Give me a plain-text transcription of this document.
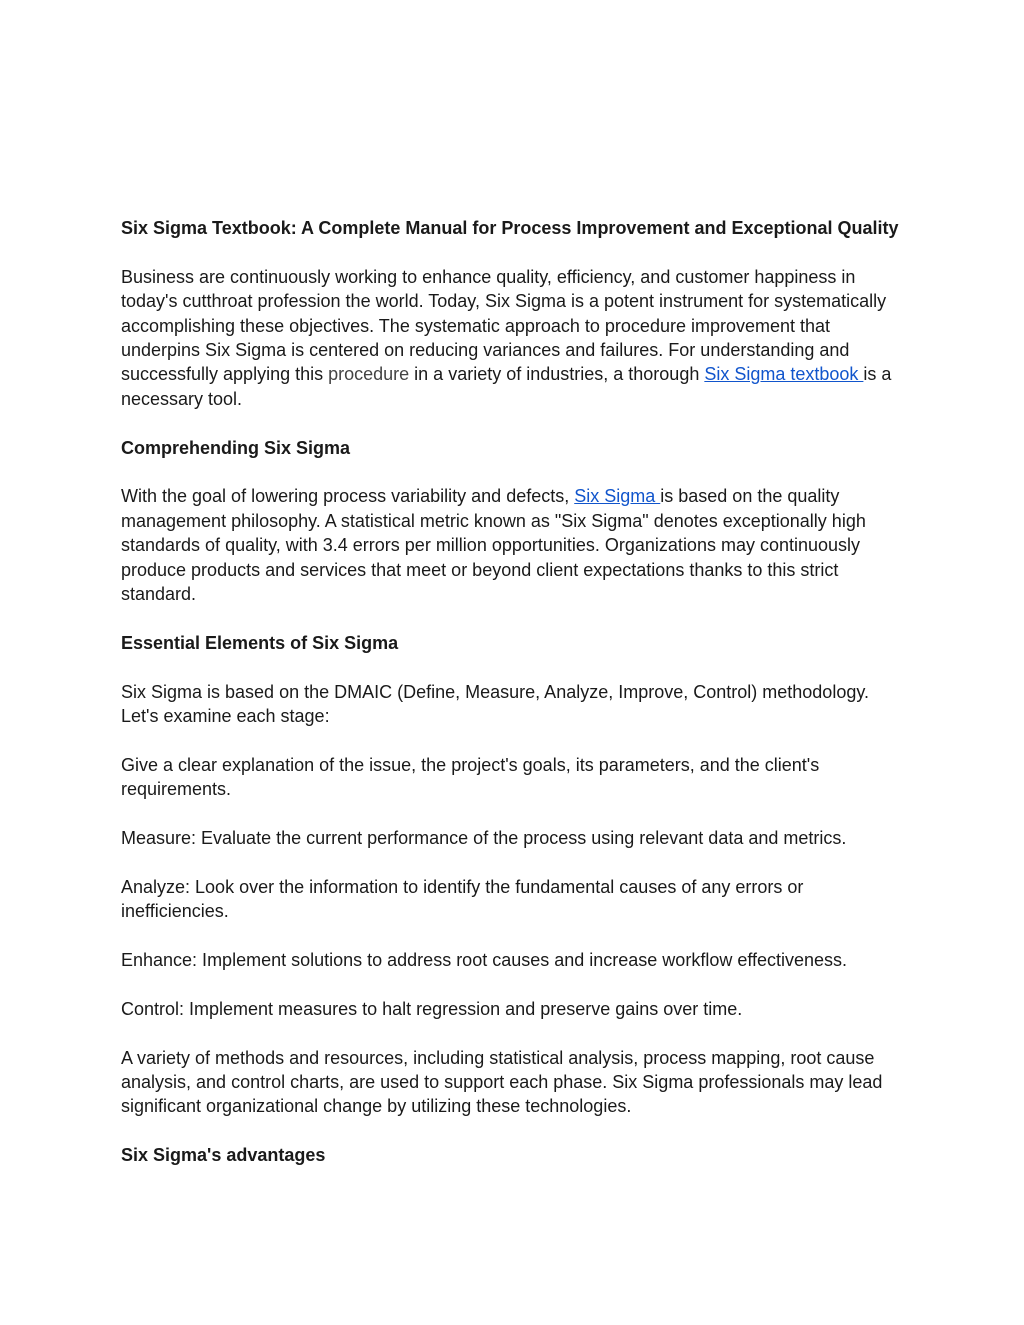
Six Sigma Textbook: A Complete Manual for Process Improvement and Exceptional Quality

Business are continuously working to enhance quality, efficiency, and customer happiness in today's cutthroat profession the world. Today, Six Sigma is a potent instrument for systematically accomplishing these objectives. The systematic approach to procedure improvement that underpins Six Sigma is centered on reducing variances and failures. For understanding and successfully applying this procedure in a variety of industries, a thorough Six Sigma textbook is a necessary tool.

Comprehending Six Sigma

With the goal of lowering process variability and defects, Six Sigma is based on the quality management philosophy. A statistical metric known as "Six Sigma" denotes exceptionally high standards of quality, with 3.4 errors per million opportunities. Organizations may continuously produce products and services that meet or beyond client expectations thanks to this strict standard.

Essential Elements of Six Sigma

Six Sigma is based on the DMAIC (Define, Measure, Analyze, Improve, Control) methodology. Let's examine each stage:

Give a clear explanation of the issue, the project's goals, its parameters, and the client's requirements.

Measure: Evaluate the current performance of the process using relevant data and metrics.

Analyze: Look over the information to identify the fundamental causes of any errors or inefficiencies.

Enhance: Implement solutions to address root causes and increase workflow effectiveness.

Control: Implement measures to halt regression and preserve gains over time.

A variety of methods and resources, including statistical analysis, process mapping, root cause analysis, and control charts, are used to support each phase. Six Sigma professionals may lead significant organizational change by utilizing these technologies.

Six Sigma's advantages
